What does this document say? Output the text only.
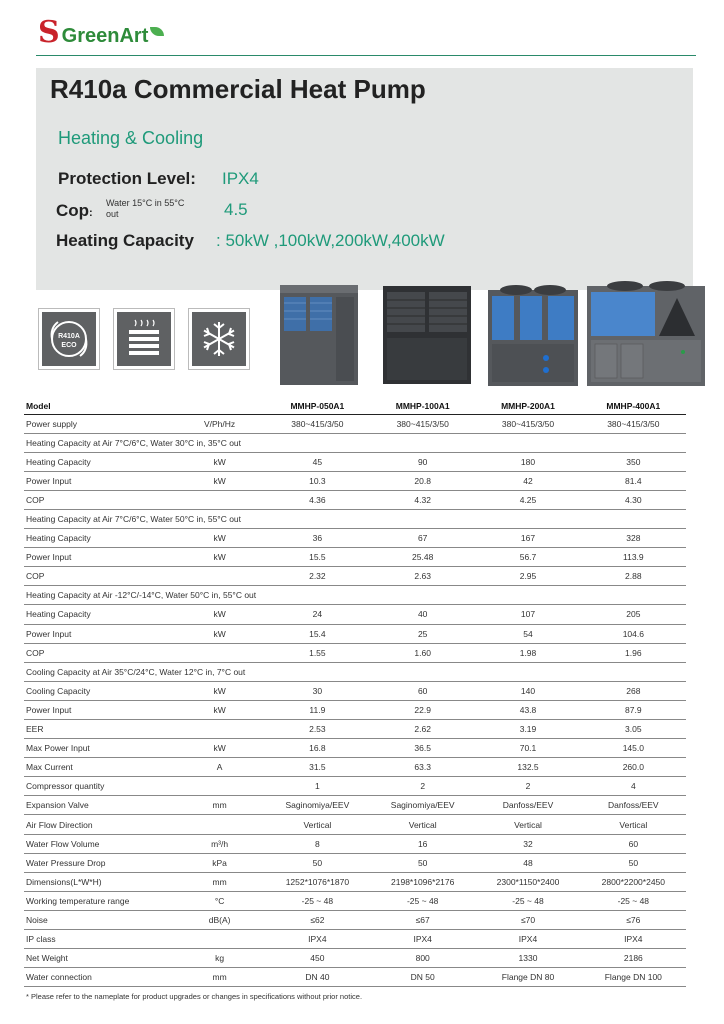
S GreenArt
R410a Commercial Heat Pump
Heating & Cooling
Protection Level: IPX4
Cop:
Water 15°C in 55°C out	4.5
Heating Capacity : 50kW ,100kW,200kW,400kW
R410A
ECO
Model		MMHP-050A1	MMHP-100A1	MMHP-200A1	MMHP-400A1
Power supply	V/Ph/Hz	380~415/3/50	380~415/3/50	380~415/3/50	380~415/3/50
Heating Capacity at Air 7°C/6°C, Water 30°C in, 35°C out					
Heating Capacity	kW	45	90	180	350
Power Input	kW	10.3	20.8	42	81.4
COP		4.36	4.32	4.25	4.30
Heating Capacity at Air 7°C/6°C, Water 50°C in, 55°C out					
Heating Capacity	kW	36	67	167	328
Power Input	kW	15.5	25.48	56.7	113.9
COP		2.32	2.63	2.95	2.88
Heating Capacity at Air -12°C/-14°C, Water 50°C in, 55°C out					
Heating Capacity	kW	24	40	107	205
Power Input	kW	15.4	25	54	104.6
COP		1.55	1.60	1.98	1.96
Cooling Capacity at Air 35°C/24°C, Water 12°C in, 7°C out					
Cooling Capacity	kW	30	60	140	268
Power Input	kW	11.9	22.9	43.8	87.9
EER		2.53	2.62	3.19	3.05
Max Power Input	kW	16.8	36.5	70.1	145.0
Max Current	A	31.5	63.3	132.5	260.0
Compressor quantity		1	2	2	4
Expansion Valve	mm	Saginomiya/EEV	Saginomiya/EEV	Danfoss/EEV	Danfoss/EEV
Air Flow Direction		Vertical	Vertical	Vertical	Vertical
Water Flow Volume	m³/h	8	16	32	60
Water Pressure Drop	kPa	50	50	48	50
Dimensions(L*W*H)	mm	1252*1076*1870	2198*1096*2176	2300*1150*2400	2800*2200*2450
Working temperature range	°C	-25 ~ 48	-25 ~ 48	-25 ~ 48	-25 ~ 48
Noise	dB(A)	≤62	≤67	≤70	≤76
IP class		IPX4	IPX4	IPX4	IPX4
Net Weight	kg	450	800	1330	2186
Water connection	mm	DN 40	DN 50	Flange DN 80	Flange DN 100
* Please refer to the nameplate for product upgrades or changes in specifications without prior notice.
